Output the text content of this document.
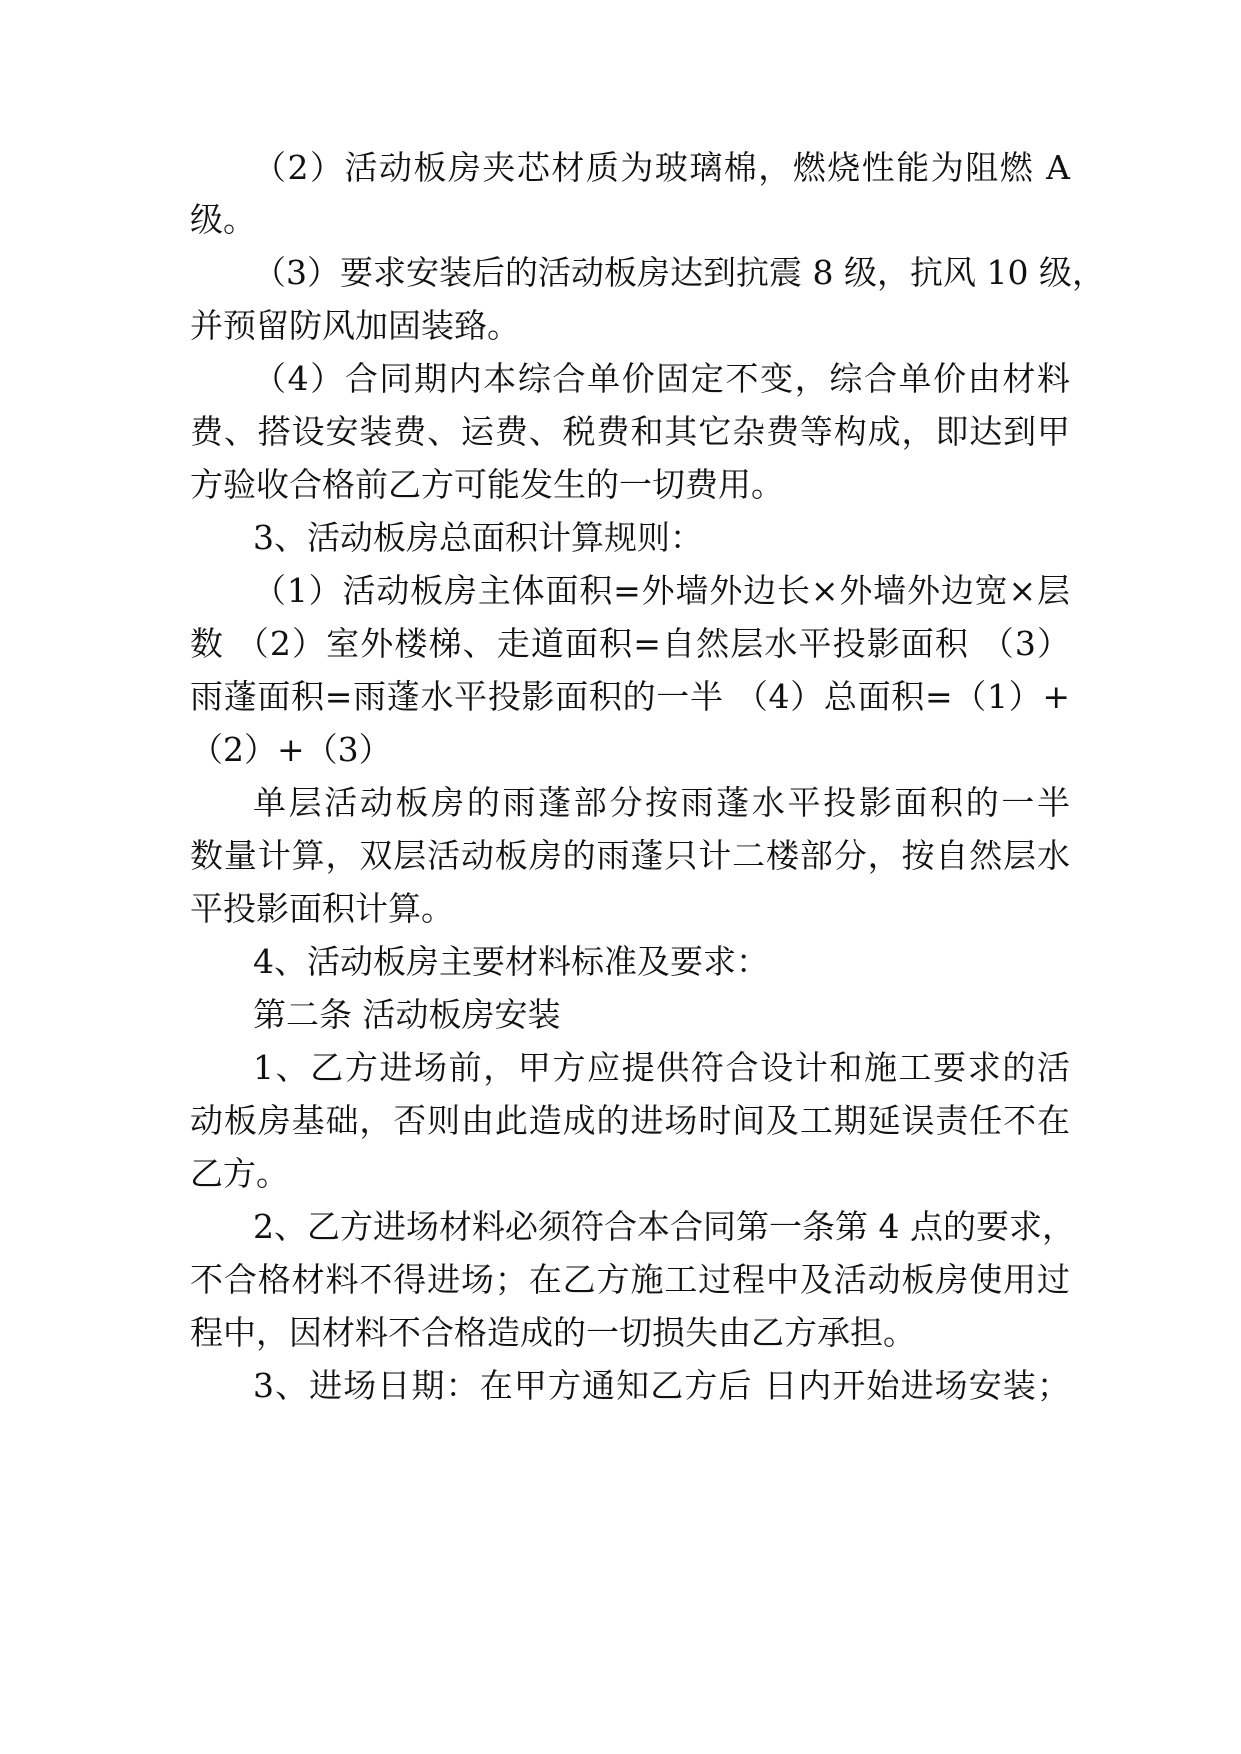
（2）活动板房夹芯材质为玻璃棉，燃烧性能为阻燃 A
级。
（3）要求安装后的活动板房达到抗震 8 级，抗风 10 级，
并预留防风加固装臵。
（4）合同期内本综合单价固定不变，综合单价由材料
费、搭设安装费、运费、税费和其它杂费等构成，即达到甲
方验收合格前乙方可能发生的一切费用。
3、活动板房总面积计算规则：
（1）活动板房主体面积=外墙外边长×外墙外边宽×层
数 （2）室外楼梯、走道面积=自然层水平投影面积 （3）
雨蓬面积=雨蓬水平投影面积的一半 （4）总面积=（1）+
（2）+（3）
单层活动板房的雨蓬部分按雨蓬水平投影面积的一半
数量计算，双层活动板房的雨蓬只计二楼部分，按自然层水
平投影面积计算。
4、活动板房主要材料标准及要求：
第二条 活动板房安装
1、乙方进场前，甲方应提供符合设计和施工要求的活
动板房基础，否则由此造成的进场时间及工期延误责任不在
乙方。
2、乙方进场材料必须符合本合同第一条第 4 点的要求，
不合格材料不得进场；在乙方施工过程中及活动板房使用过
程中，因材料不合格造成的一切损失由乙方承担。
3、进场日期：在甲方通知乙方后 日内开始进场安装；
